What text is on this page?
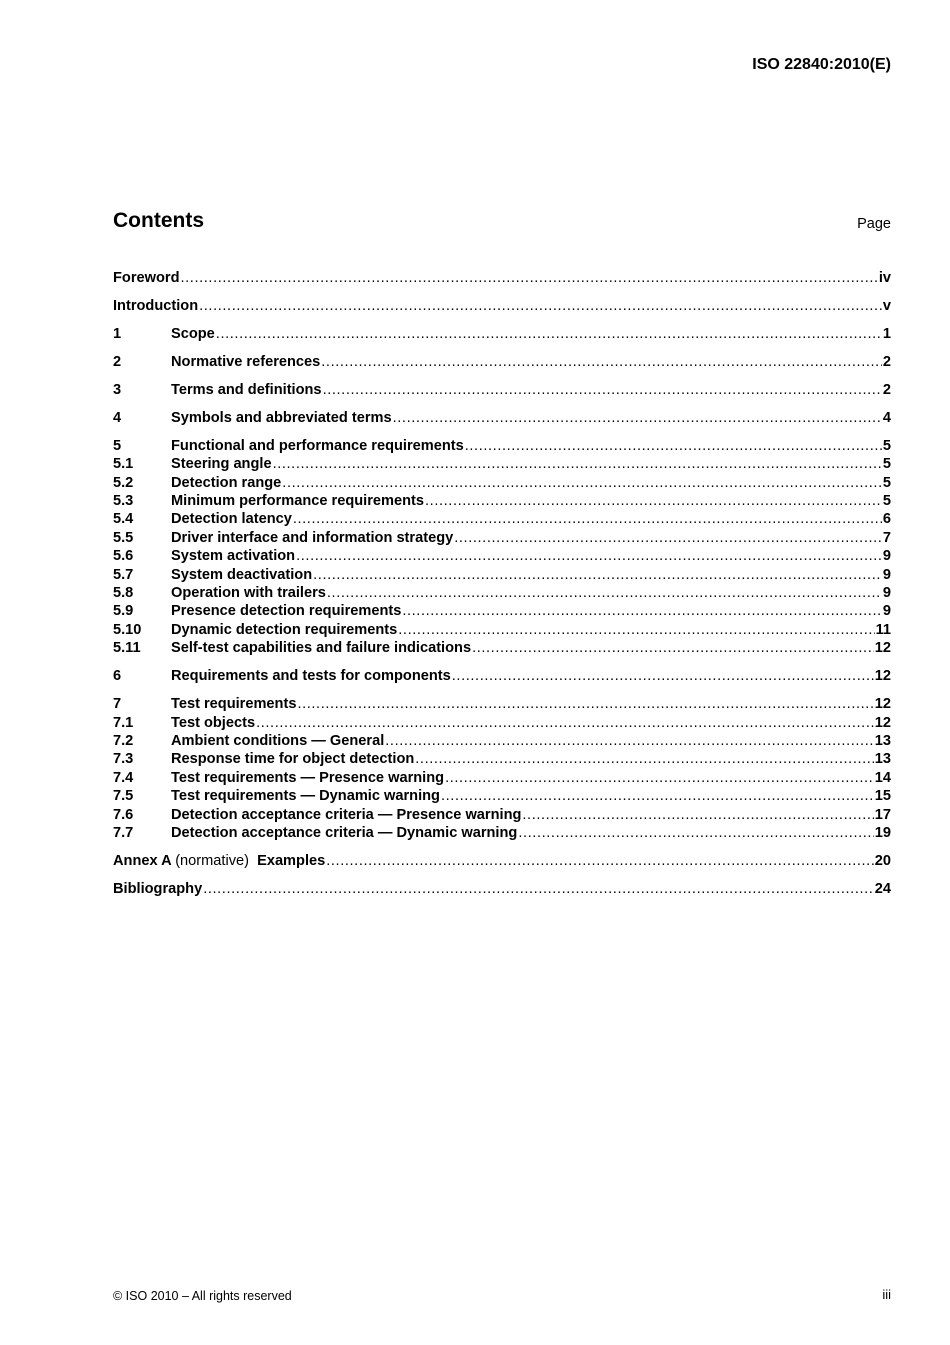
ISO 22840:2010(E)
Contents	Page
Foreword .....	iv
Introduction .....	v
1	Scope .....	1
2	Normative references .....	2
3	Terms and definitions .....	2
4	Symbols and abbreviated terms .....	4
5	Functional and performance requirements .....	5
5.1	Steering angle .....	5
5.2	Detection range .....	5
5.3	Minimum performance requirements .....	5
5.4	Detection latency .....	6
5.5	Driver interface and information strategy .....	7
5.6	System activation .....	9
5.7	System deactivation .....	9
5.8	Operation with trailers .....	9
5.9	Presence detection requirements .....	9
5.10	Dynamic detection requirements .....	11
5.11	Self-test capabilities and failure indications .....	12
6	Requirements and tests for components .....	12
7	Test requirements .....	12
7.1	Test objects .....	12
7.2	Ambient conditions — General .....	13
7.3	Response time for object detection .....	13
7.4	Test requirements — Presence warning .....	14
7.5	Test requirements — Dynamic warning .....	15
7.6	Detection acceptance criteria — Presence warning .....	17
7.7	Detection acceptance criteria — Dynamic warning .....	19
Annex A (normative) Examples .....	20
Bibliography .....	24
© ISO 2010 – All rights reserved	iii
